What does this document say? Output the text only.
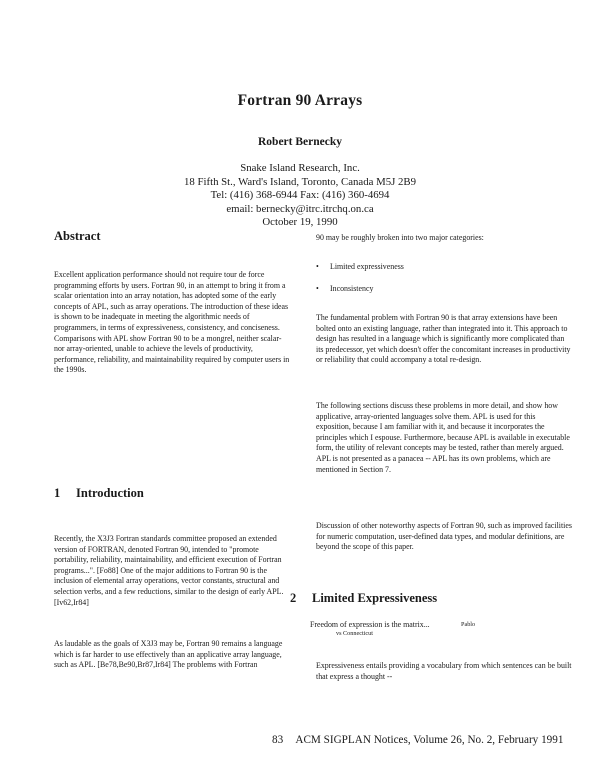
Fortran 90 Arrays
Robert Bernecky
Snake Island Research, Inc.
18 Fifth St., Ward's Island, Toronto, Canada M5J 2B9
Tel: (416) 368-6944 Fax: (416) 360-4694
email: bernecky@itrc.itrchq.on.ca
October 19, 1990
Abstract

Excellent application performance should not require tour de force programming efforts by users. Fortran 90, in an attempt to bring it from a scalar orientation into an array notation, has adopted some of the early concepts of APL, such as array operations. The introduction of these ideas is shown to be inadequate in meeting the algorithmic needs of programmers, in terms of expressiveness, consistency, and conciseness. Comparisons with APL show Fortran 90 to be a mongrel, neither scalar- nor array-oriented, unable to achieve the levels of productivity, performance, reliability, and maintainability required by computer users in the 1990s.

1 Introduction

Recently, the X3J3 Fortran standards committee proposed an extended version of FORTRAN, denoted Fortran 90, intended to "promote portability, reliability, maintainability, and efficient execution of Fortran programs...". [Fo88] One of the major additions to Fortran 90 is the inclusion of elemental array operations, vector constants, structural and selection verbs, and a few reductions, similar to the design of early APL. [Iv62,Ir84]

As laudable as the goals of X3J3 may be, Fortran 90 remains a language which is far harder to use effectively than an applicative array language, such as APL. [Be78,Be90,Br87,Ir84] The problems with Fortran

90 may be roughly broken into two major categories:

• Limited expressiveness
• Inconsistency

The fundamental problem with Fortran 90 is that array extensions have been bolted onto an existing language, rather than integrated into it. This approach to design has resulted in a language which is significantly more complicated than its predecessor, yet which doesn't offer the concomitant increases in productivity or reliability that could accompany a total re-design.

The following sections discuss these problems in more detail, and show how applicative, array-oriented languages solve them. APL is used for this exposition, because I am familiar with it, and because it incorporates the principles which I espouse. Furthermore, because APL is available in executable form, the utility of relevant concepts may be tested, rather than merely argued. APL is not presented as a panacea -- APL has its own problems, which are mentioned in Section 7.

Discussion of other noteworthy aspects of Fortran 90, such as improved facilities for numeric computation, user-defined data types, and modular definitions, are beyond the scope of this paper.

2 Limited Expressiveness
Freedom of expression is the matrix...	Pablo
vs Connecticut

Expressiveness entails providing a vocabulary from which sentences can be built that express a thought --

83 ACM SIGPLAN Notices, Volume 26, No. 2, February 1991
